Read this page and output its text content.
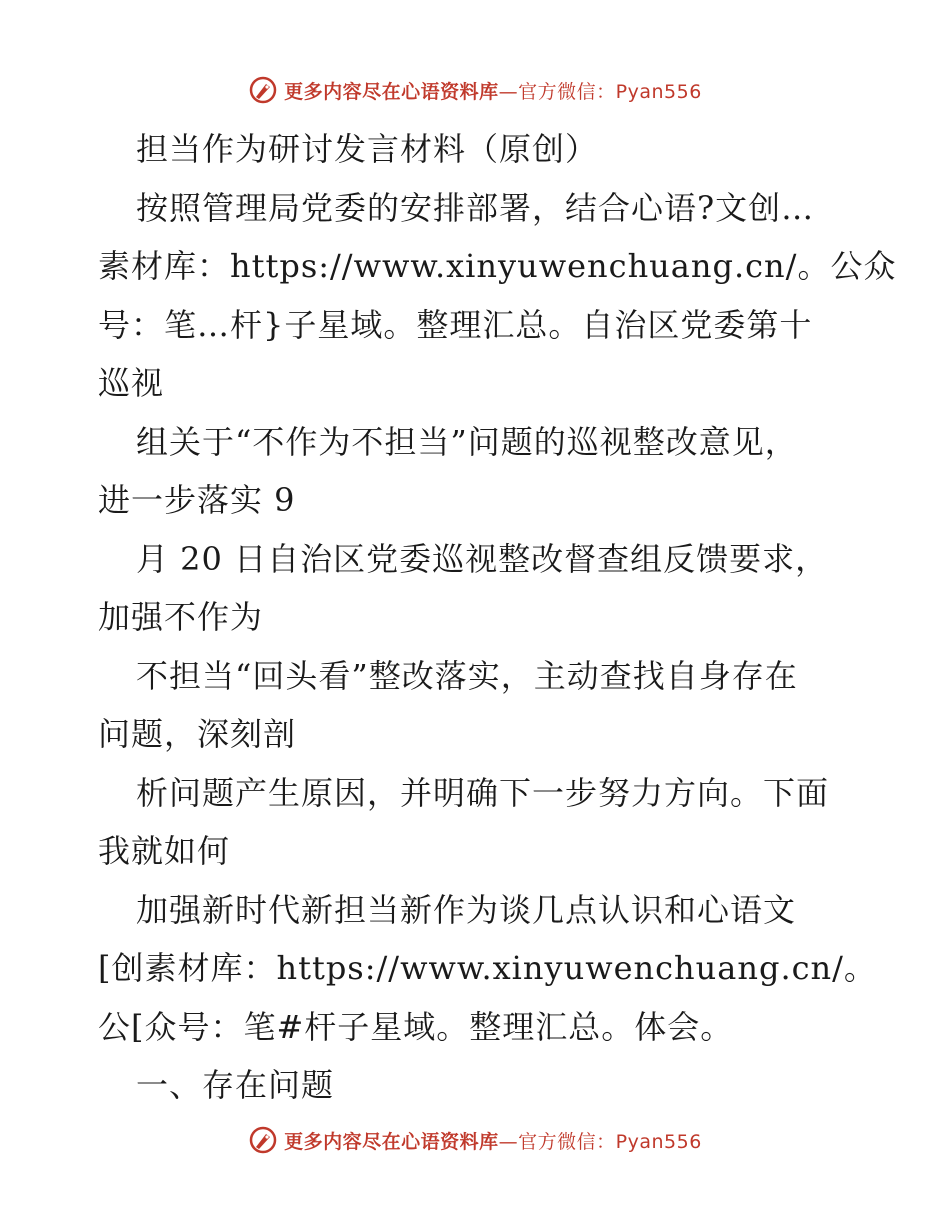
更多内容尽在心语资料库—官方微信：Pyan556
担当作为研讨发言材料（原创）
按照管理局党委的安排部署，结合心语?文创…
素材库：https://www.xinyuwenchuang.cn/。公众
号：笔…杆}子星域。整理汇总。自治区党委第十
巡视
组关于“不作为不担当”问题的巡视整改意见，
进一步落实 9
月 20 日自治区党委巡视整改督查组反馈要求，
加强不作为
不担当“回头看”整改落实，主动查找自身存在
问题，深刻剖
析问题产生原因，并明确下一步努力方向。下面
我就如何
加强新时代新担当新作为谈几点认识和心语文
[创素材库：https://www.xinyuwenchuang.cn/。
公[众号：笔#杆子星域。整理汇总。体会。
一、存在问题
更多内容尽在心语资料库—官方微信：Pyan556
